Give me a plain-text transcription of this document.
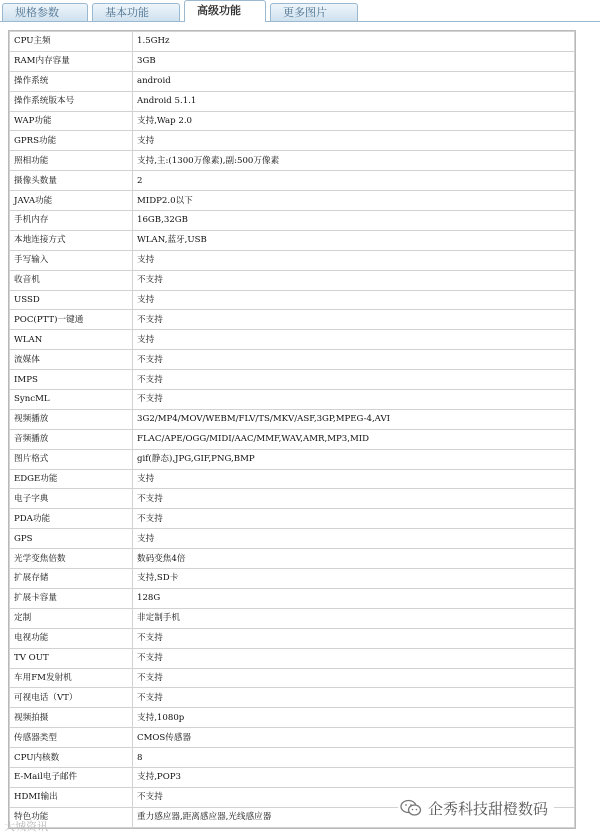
规格参数	基本功能	高级功能	更多图片
CPU主频	1.5GHz
RAM内存容量	3GB
操作系统	android
操作系统版本号	Android 5.1.1
WAP功能	支持,Wap 2.0
GPRS功能	支持
照相功能	支持,主:(1300万像素),副:500万像素
摄像头数量	2
JAVA功能	MIDP2.0以下
手机内存	16GB,32GB
本地连接方式	WLAN,蓝牙,USB
手写输入	支持
收音机	不支持
USSD	支持
POC(PTT)一键通	不支持
WLAN	支持
流媒体	不支持
IMPS	不支持
SyncML	不支持
视频播放	3G2/MP4/MOV/WEBM/FLV/TS/MKV/ASF,3GP,MPEG-4,AVI
音频播放	FLAC/APE/OGG/MIDI/AAC/MMF,WAV,AMR,MP3,MID
图片格式	gif(静态),JPG,GIF,PNG,BMP
EDGE功能	支持
电子字典	不支持
PDA功能	不支持
GPS	支持
光学变焦倍数	数码变焦4倍
扩展存储	支持,SD卡
扩展卡容量	128G
定制	非定制手机
电视功能	不支持
TV OUT	不支持
车用FM发射机	不支持
可视电话（VT）	不支持
视频拍摄	支持,1080p
传感器类型	CMOS传感器
CPU内核数	8
E-Mail电子邮件	支持,POP3
HDMI输出	不支持
特色功能	重力感应器,距离感应器,光线感应器	企秀科技甜橙数码
大城资讯
